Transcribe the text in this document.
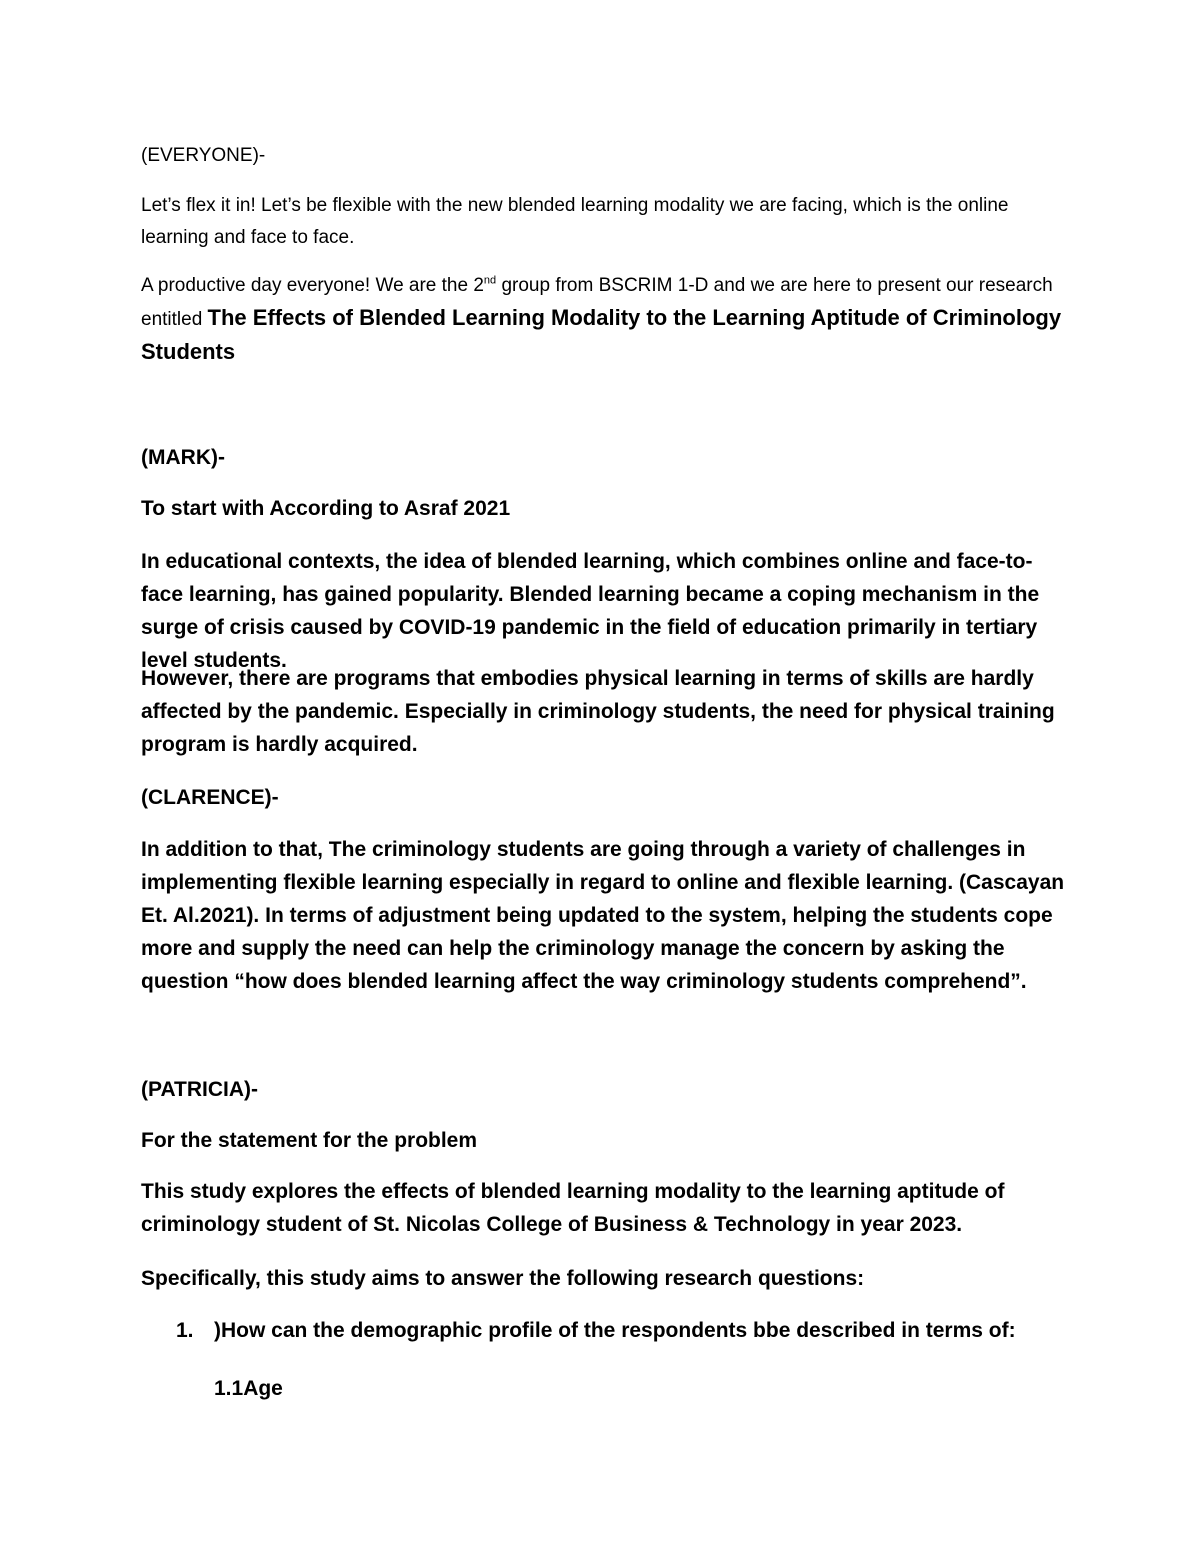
(EVERYONE)-

Let’s flex it in! Let’s be flexible with the new blended learning modality we are facing, which is the online learning and face to face.

A productive day everyone! We are the 2nd group from BSCRIM 1-D and we are here to present our research entitled The Effects of Blended Learning Modality to the Learning Aptitude of Criminology Students

(MARK)-

To start with According to Asraf 2021

In educational contexts, the idea of blended learning, which combines online and face-to-face learning, has gained popularity. Blended learning became a coping mechanism in the surge of crisis caused by COVID-19 pandemic in the field of education primarily in tertiary level students.

However, there are programs that embodies physical learning in terms of skills are hardly affected by the pandemic. Especially in criminology students, the need for physical training program is hardly acquired.

(CLARENCE)-

In addition to that, The criminology students are going through a variety of challenges in implementing flexible learning especially in regard to online and flexible learning. (Cascayan Et. Al.2021). In terms of adjustment being updated to the system, helping the students cope more and supply the need can help the criminology manage the concern by asking the question “how does blended learning affect the way criminology students comprehend”.

(PATRICIA)-

For the statement for the problem

This study explores the effects of blended learning modality to the learning aptitude of criminology student of St. Nicolas College of Business & Technology in year 2023.

Specifically, this study aims to answer the following research questions:

1. )How can the demographic profile of the respondents bbe described in terms of:
1.1Age
